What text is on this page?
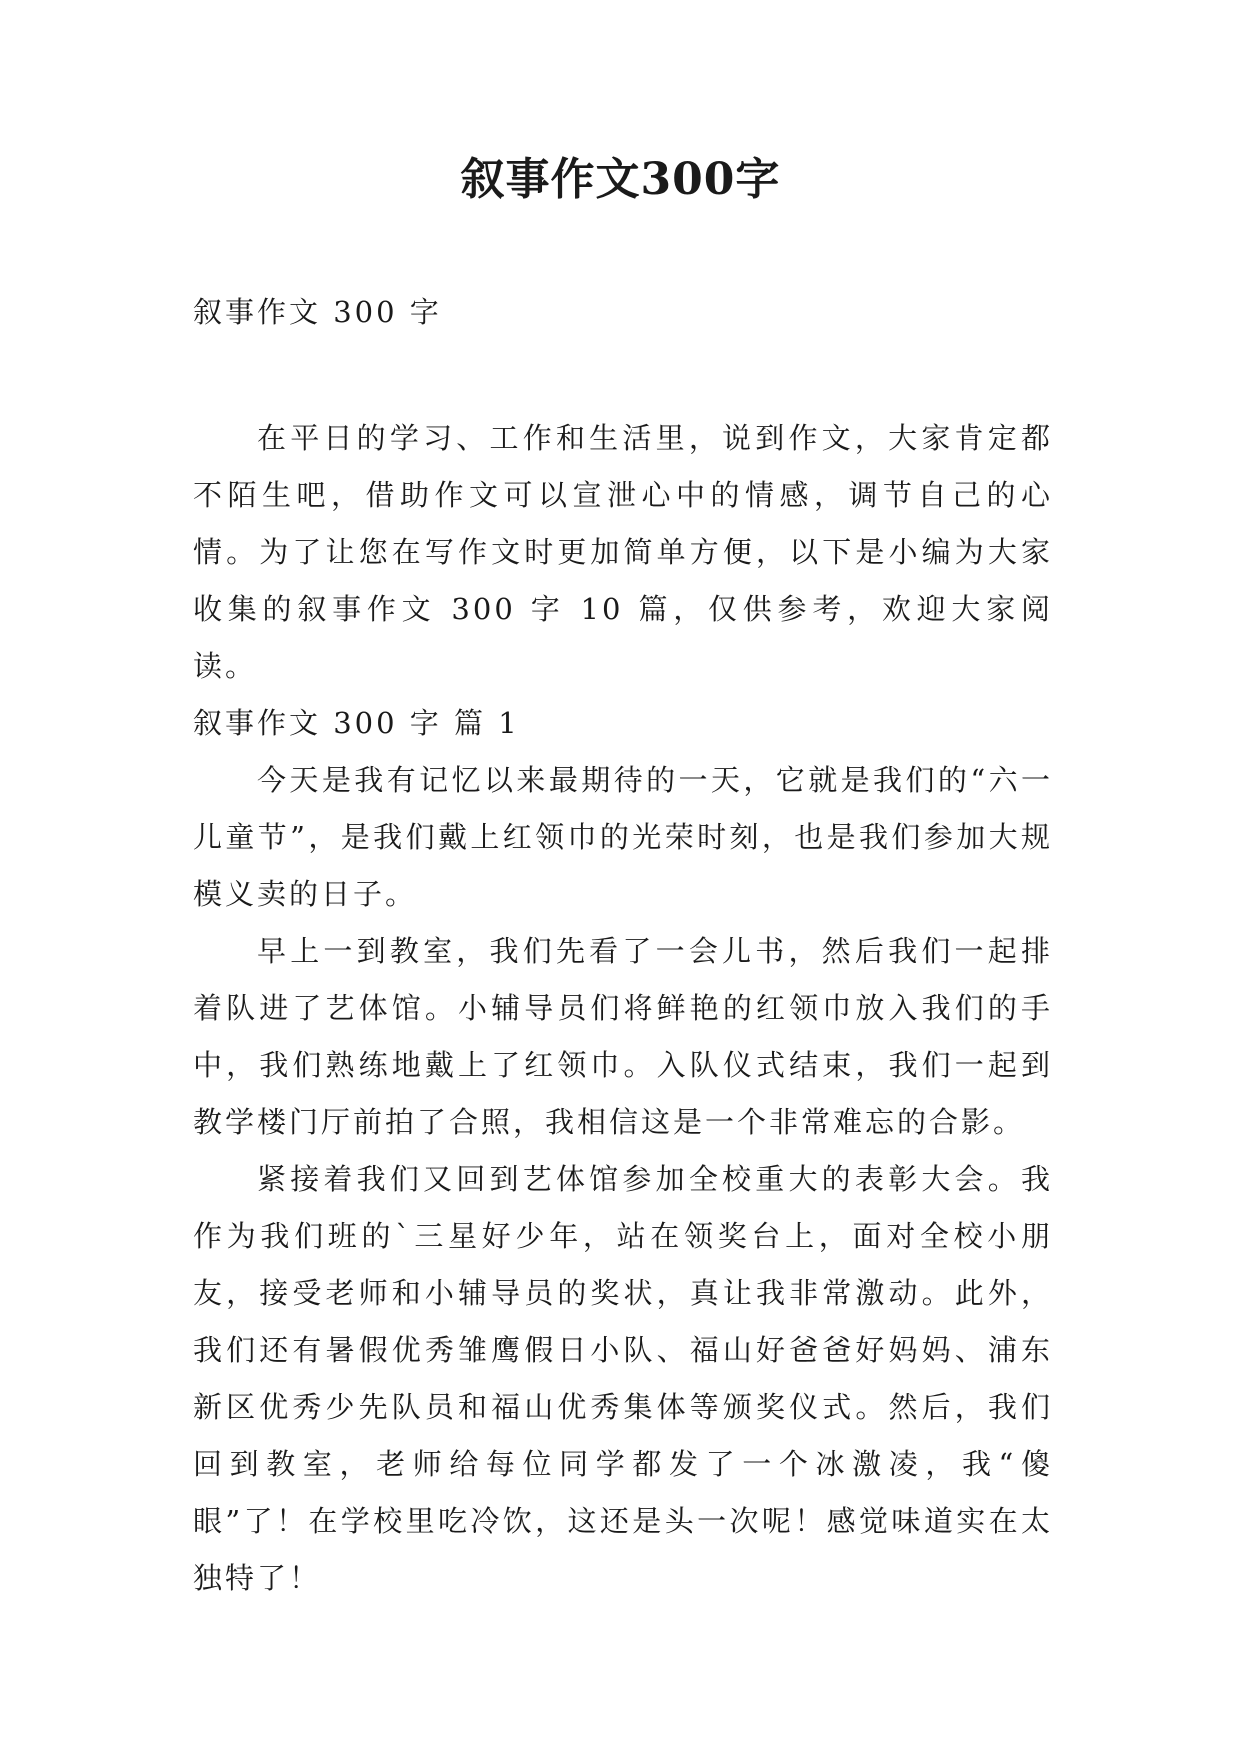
叙事作文300字

叙事作文 300 字

在平日的学习、工作和生活里，说到作文，大家肯定都不陌生吧，借助作文可以宣泄心中的情感，调节自己的心情。为了让您在写作文时更加简单方便，以下是小编为大家收集的叙事作文 300 字 10 篇，仅供参考，欢迎大家阅读。

叙事作文 300 字 篇 1

今天是我有记忆以来最期待的一天，它就是我们的“六一儿童节”，是我们戴上红领巾的光荣时刻，也是我们参加大规模义卖的日子。

早上一到教室，我们先看了一会儿书，然后我们一起排着队进了艺体馆。小辅导员们将鲜艳的红领巾放入我们的手中，我们熟练地戴上了红领巾。入队仪式结束，我们一起到教学楼门厅前拍了合照，我相信这是一个非常难忘的合影。

紧接着我们又回到艺体馆参加全校重大的表彰大会。我作为我们班的`三星好少年，站在领奖台上，面对全校小朋友，接受老师和小辅导员的奖状，真让我非常激动。此外，我们还有暑假优秀雏鹰假日小队、福山好爸爸好妈妈、浦东新区优秀少先队员和福山优秀集体等颁奖仪式。然后，我们回到教室，老师给每位同学都发了一个冰激凌，我“傻眼”了！在学校里吃冷饮，这还是头一次呢！感觉味道实在太独特了！
